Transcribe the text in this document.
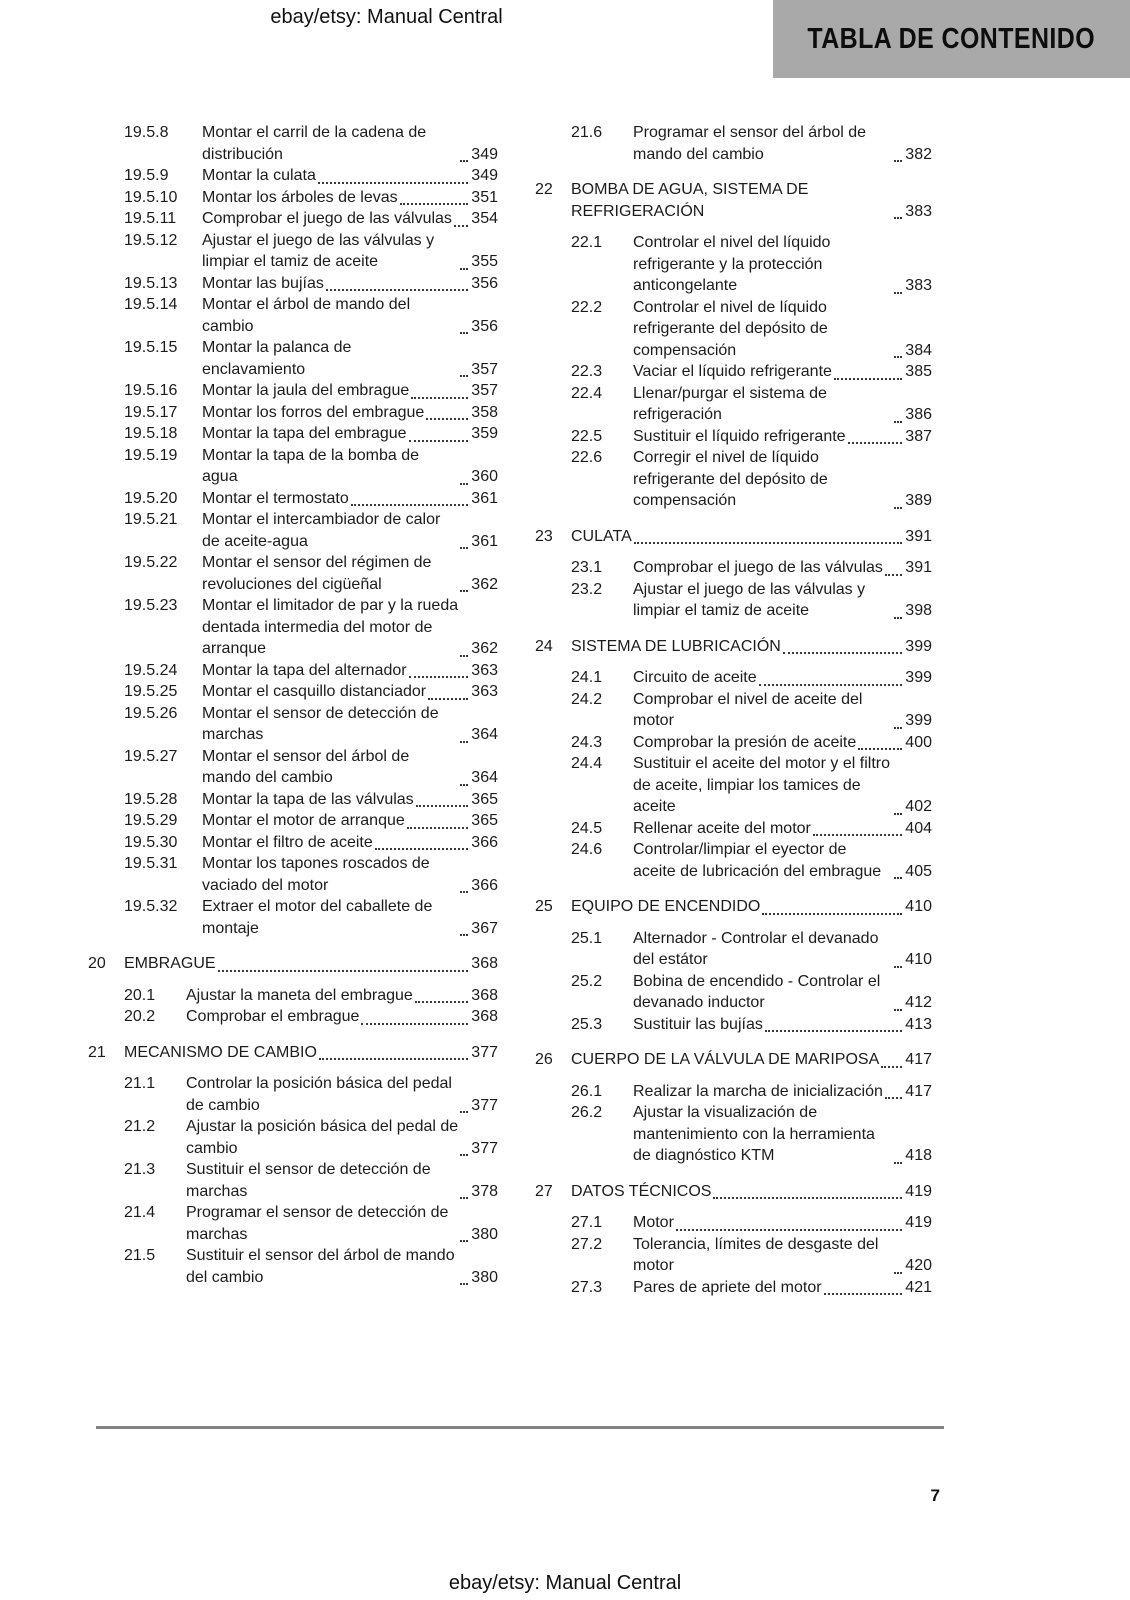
ebay/etsy: Manual Central
TABLA DE CONTENIDO
19.5.8	Montar el carril de la cadena de distribución	349
19.5.9	Montar la culata	349
19.5.10	Montar los árboles de levas	351
19.5.11	Comprobar el juego de las válvulas 354
19.5.12	Ajustar el juego de las válvulas y limpiar el tamiz de aceite	355
19.5.13	Montar las bujías	356
19.5.14	Montar el árbol de mando del cambio	356
19.5.15	Montar la palanca de enclavamiento	357
19.5.16	Montar la jaula del embrague	357
19.5.17	Montar los forros del embrague	358
19.5.18	Montar la tapa del embrague	359
19.5.19	Montar la tapa de la bomba de agua	360
19.5.20	Montar el termostato	361
19.5.21	Montar el intercambiador de calor de aceite-agua	361
19.5.22	Montar el sensor del régimen de revoluciones del cigüeñal	362
19.5.23	Montar el limitador de par y la rueda dentada intermedia del motor de arranque	362
19.5.24	Montar la tapa del alternador	363
19.5.25	Montar el casquillo distanciador	363
19.5.26	Montar el sensor de detección de marchas	364
19.5.27	Montar el sensor del árbol de mando del cambio	364
19.5.28	Montar la tapa de las válvulas	365
19.5.29	Montar el motor de arranque	365
19.5.30	Montar el filtro de aceite	366
19.5.31	Montar los tapones roscados de vaciado del motor	366
19.5.32	Extraer el motor del caballete de montaje	367
20	EMBRAGUE	368
20.1	Ajustar la maneta del embrague	368
20.2	Comprobar el embrague	368
21	MECANISMO DE CAMBIO	377
21.1	Controlar la posición básica del pedal de cambio	377
21.2	Ajustar la posición básica del pedal de cambio	377
21.3	Sustituir el sensor de detección de marchas	378
21.4	Programar el sensor de detección de marchas	380
21.5	Sustituir el sensor del árbol de mando del cambio	380
21.6	Programar el sensor del árbol de mando del cambio	382
22	BOMBA DE AGUA, SISTEMA DE REFRIGERACIÓN	383
22.1	Controlar el nivel del líquido refrigerante y la protección anticongelante	383
22.2	Controlar el nivel de líquido refrigerante del depósito de compensación	384
22.3	Vaciar el líquido refrigerante	385
22.4	Llenar/purgar el sistema de refrigeración	386
22.5	Sustituir el líquido refrigerante	387
22.6	Corregir el nivel de líquido refrigerante del depósito de compensación	389
23	CULATA	391
23.1	Comprobar el juego de las válvulas 391
23.2	Ajustar el juego de las válvulas y limpiar el tamiz de aceite	398
24	SISTEMA DE LUBRICACIÓN	399
24.1	Circuito de aceite	399
24.2	Comprobar el nivel de aceite del motor	399
24.3	Comprobar la presión de aceite	400
24.4	Sustituir el aceite del motor y el filtro de aceite, limpiar los tamices de aceite	402
24.5	Rellenar aceite del motor	404
24.6	Controlar/limpiar el eyector de aceite de lubricación del embrague	405
25	EQUIPO DE ENCENDIDO	410
25.1	Alternador - Controlar el devanado del estátor	410
25.2	Bobina de encendido - Controlar el devanado inductor	412
25.3	Sustituir las bujías	413
26	CUERPO DE LA VÁLVULA DE MARIPOSA 417
26.1	Realizar la marcha de inicialización 417
26.2	Ajustar la visualización de mantenimiento con la herramienta de diagnóstico KTM	418
27	DATOS TÉCNICOS	419
27.1	Motor	419
27.2	Tolerancia, límites de desgaste del motor	420
27.3	Pares de apriete del motor	421
7
ebay/etsy: Manual Central
